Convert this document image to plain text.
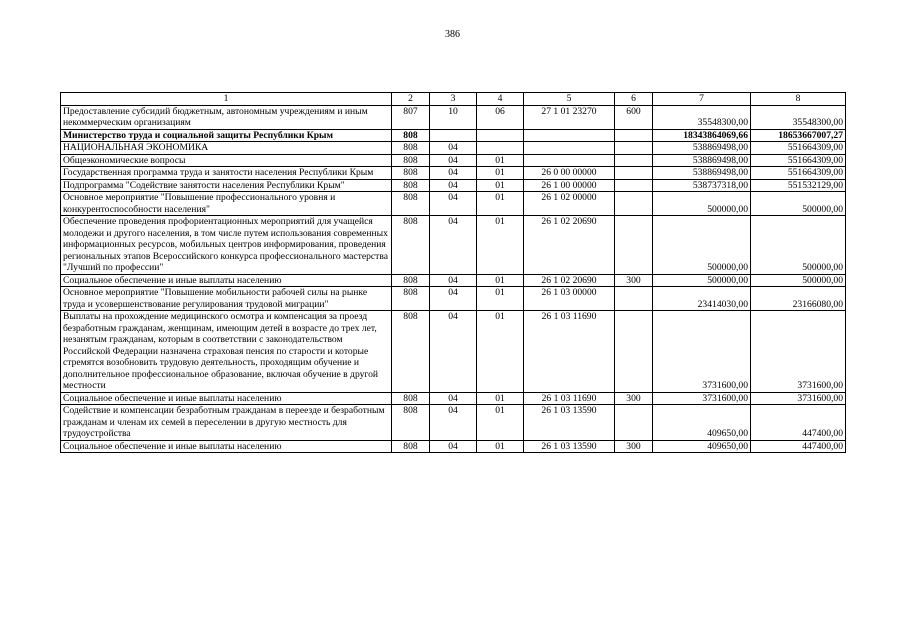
386
1	2	3	4	5	6	7	8
Предоставление субсидий бюджетным, автономным учреждениям и иным некоммерческим организациям	807	10	06	27 1 01 23270	600	35548300,00	35548300,00
Министерство труда и социальной защиты Республики Крым	808					18343864069,66	18653667007,27
НАЦИОНАЛЬНАЯ ЭКОНОМИКА	808	04				538869498,00	551664309,00
Общеэкономические вопросы	808	04	01			538869498,00	551664309,00
Государственная программа труда и занятости населения Республики Крым	808	04	01	26 0 00 00000		538869498,00	551664309,00
Подпрограмма "Содействие занятости населения Республики Крым"	808	04	01	26 1 00 00000		538737318,00	551532129,00
Основное мероприятие "Повышение профессионального уровня и конкурентоспособности населения"	808	04	01	26 1 02 00000		500000,00	500000,00
Обеспечение проведения профориентационных мероприятий для учащейся молодежи и другого населения, в том числе путем использования современных информационных ресурсов, мобильных центров информирования, проведения региональных этапов Всероссийского конкурса профессионального мастерства "Лучший по профессии"	808	04	01	26 1 02 20690		500000,00	500000,00
Социальное обеспечение и иные выплаты населению	808	04	01	26 1 02 20690	300	500000,00	500000,00
Основное мероприятие "Повышение мобильности рабочей силы на рынке труда и усовершенствование регулирования трудовой миграции"	808	04	01	26 1 03 00000		23414030,00	23166080,00
Выплаты на прохождение медицинского осмотра и компенсация за проезд безработным гражданам, женщинам, имеющим детей в возрасте до трех лет, незанятым гражданам, которым в соответствии с законодательством Российской Федерации назначена страховая пенсия по старости и которые стремятся возобновить трудовую деятельность, проходящим обучение и дополнительное профессиональное образование, включая обучение в другой местности	808	04	01	26 1 03 11690		3731600,00	3731600,00
Социальное обеспечение и иные выплаты населению	808	04	01	26 1 03 11690	300	3731600,00	3731600,00
Содействие и компенсации безработным гражданам в переезде и безработным гражданам и членам их семей в переселении в другую местность для трудоустройства	808	04	01	26 1 03 13590		409650,00	447400,00
Социальное обеспечение и иные выплаты населению	808	04	01	26 1 03 13590	300	409650,00	447400,00
